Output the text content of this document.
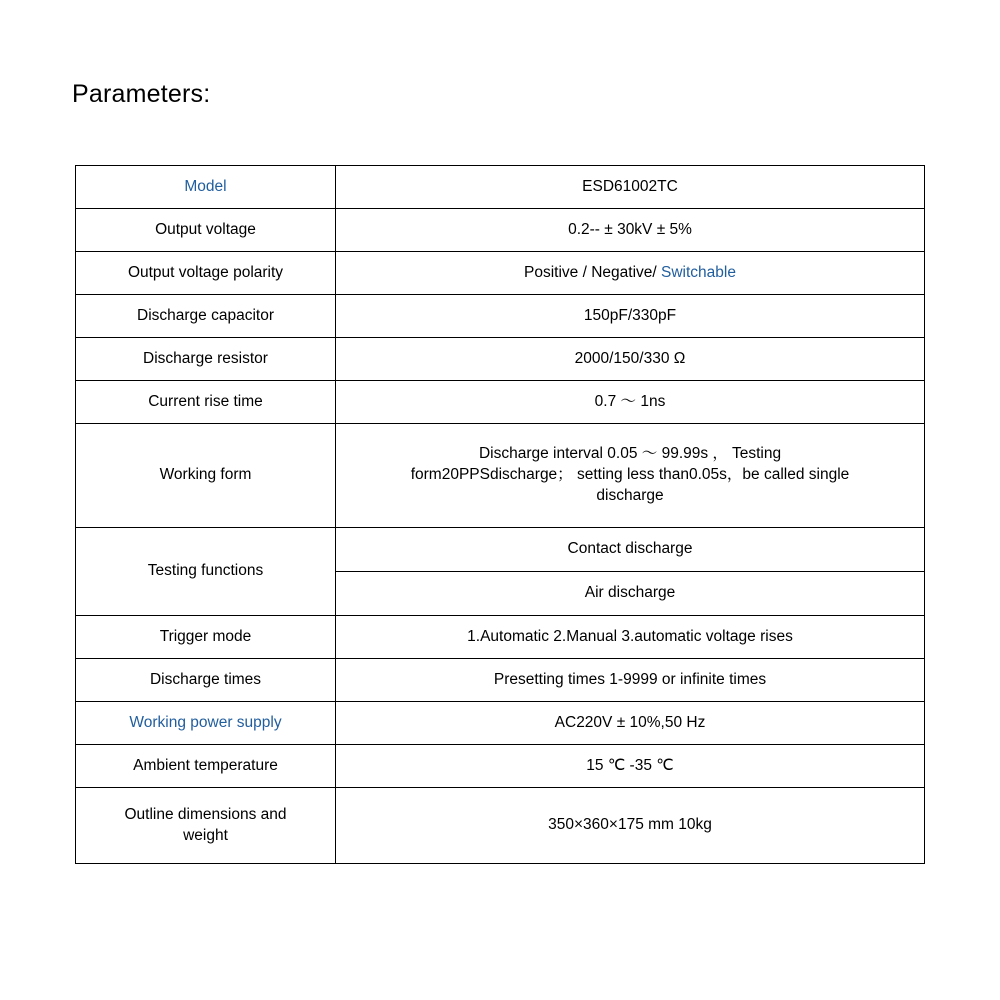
Parameters:
Model	ESD61002TC
Output voltage	0.2-- ± 30kV ± 5%
Output voltage polarity	Positive / Negative/ Switchable
Discharge capacitor	150pF/330pF
Discharge resistor	2000/150/330 Ω
Current rise time	0.7 ～ 1ns
Working form	Discharge interval 0.05 ～ 99.99s ， Testing
form20PPSdischarge； setting less than0.05s，be called single
discharge

Testing functions	Contact discharge
	Air discharge
Trigger mode	1.Automatic 2.Manual 3.automatic voltage rises
Discharge times	Presetting times 1-9999 or infinite times
Working power supply	AC220V ± 10%,50 Hz
Ambient temperature	15 ℃ -35 ℃
Outline dimensions and weight	350×360×175 mm 10kg
